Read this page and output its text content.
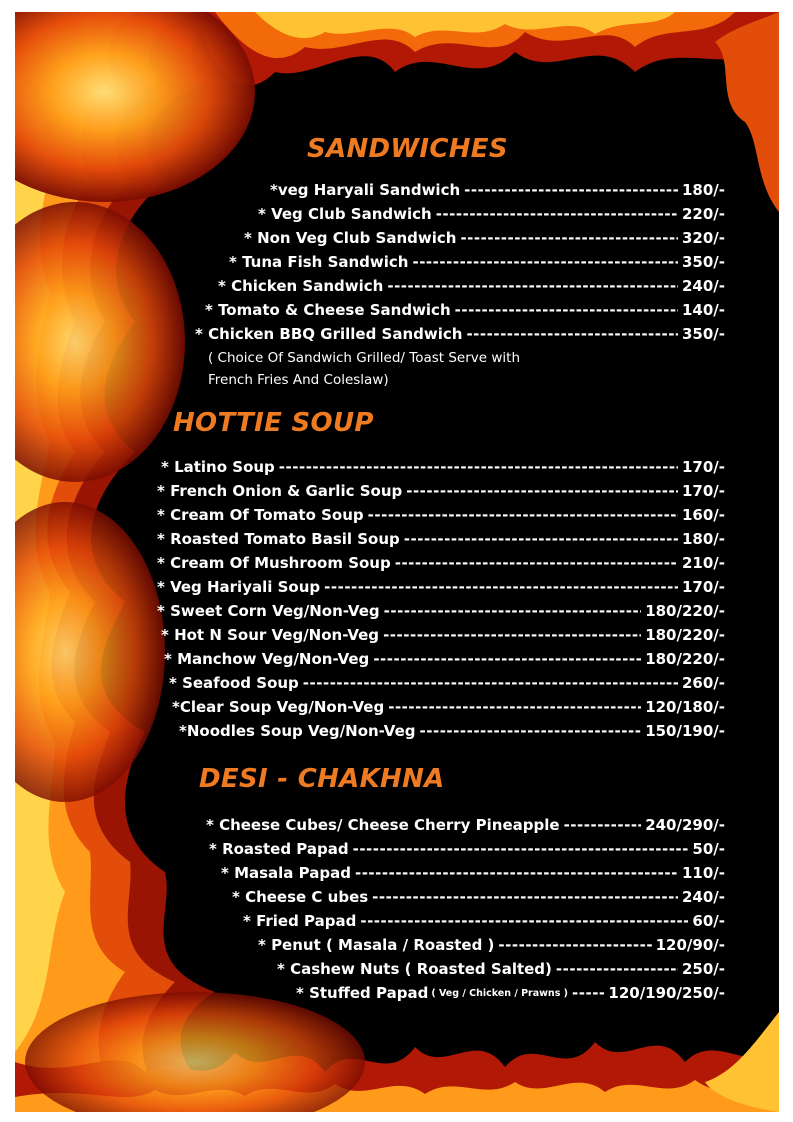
SANDWICHES
*veg Haryali Sandwich -----	180/-
* Veg Club Sandwich -----	220/-
* Non Veg Club Sandwich -----	320/-
* Tuna Fish Sandwich -----	350/-
* Chicken Sandwich -----	240/-
* Tomato & Cheese Sandwich -----	140/-
* Chicken BBQ Grilled Sandwich -----	350/-
( Choice Of Sandwich Grilled/ Toast Serve with
French Fries And Coleslaw)
HOTTIE SOUP
* Latino Soup -----	170/-
* French Onion & Garlic Soup -----	170/-
* Cream Of Tomato Soup -----	160/-
* Roasted Tomato Basil Soup -----	180/-
* Cream Of Mushroom Soup -----	210/-
* Veg Hariyali Soup -----	170/-
* Sweet Corn Veg/Non-Veg -----	180/220/-
* Hot N Sour Veg/Non-Veg -----	180/220/-
* Manchow Veg/Non-Veg -----	180/220/-
* Seafood Soup -----	260/-
*Clear Soup Veg/Non-Veg -----	120/180/-
*Noodles Soup Veg/Non-Veg -----	150/190/-
DESI - CHAKHNA
* Cheese Cubes/ Cheese Cherry Pineapple -----	240/290/-
* Roasted Papad -----	50/-
* Masala Papad -----	110/-
* Cheese C ubes -----	240/-
* Fried Papad -----	60/-
* Penut ( Masala / Roasted ) -----	120/90/-
* Cashew Nuts ( Roasted Salted) -----	250/-
* Stuffed Papad ( Veg / Chicken / Prawns ) -----	120/190/250/-
